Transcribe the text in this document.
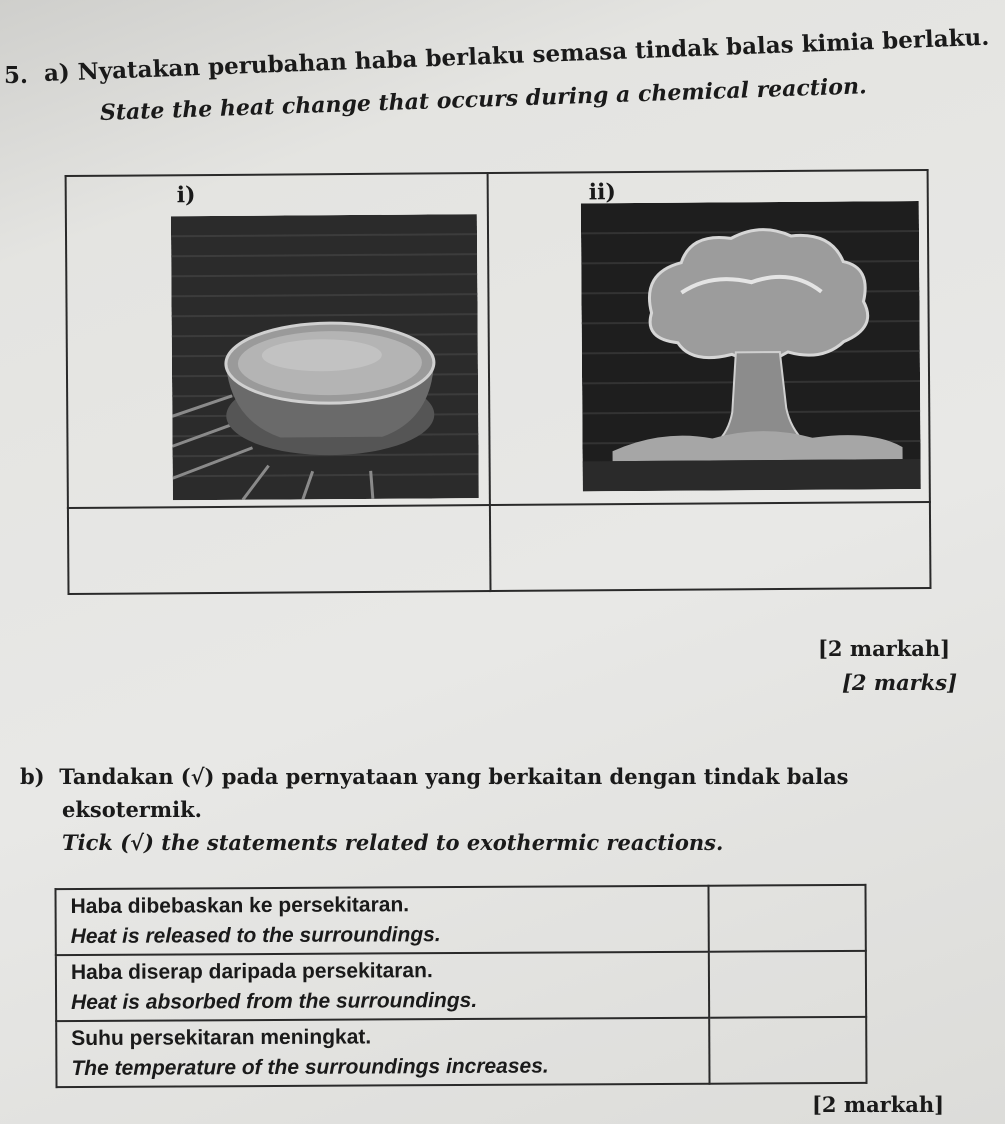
5. a) Nyatakan perubahan haba berlaku semasa tindak balas kimia berlaku.
State the heat change that occurs during a chemical reaction.
i)	ii)
[2 markah]
[2 marks]
b) Tandakan (√) pada pernyataan yang berkaitan dengan tindak balas
eksotermik.
Tick (√) the statements related to exothermic reactions.
Haba dibebaskan ke persekitaran.
Heat is released to the surroundings.	

Haba diserap daripada persekitaran.
Heat is absorbed from the surroundings.	

Suhu persekitaran meningkat.
The temperature of the surroundings increases.	

[2 markah]
